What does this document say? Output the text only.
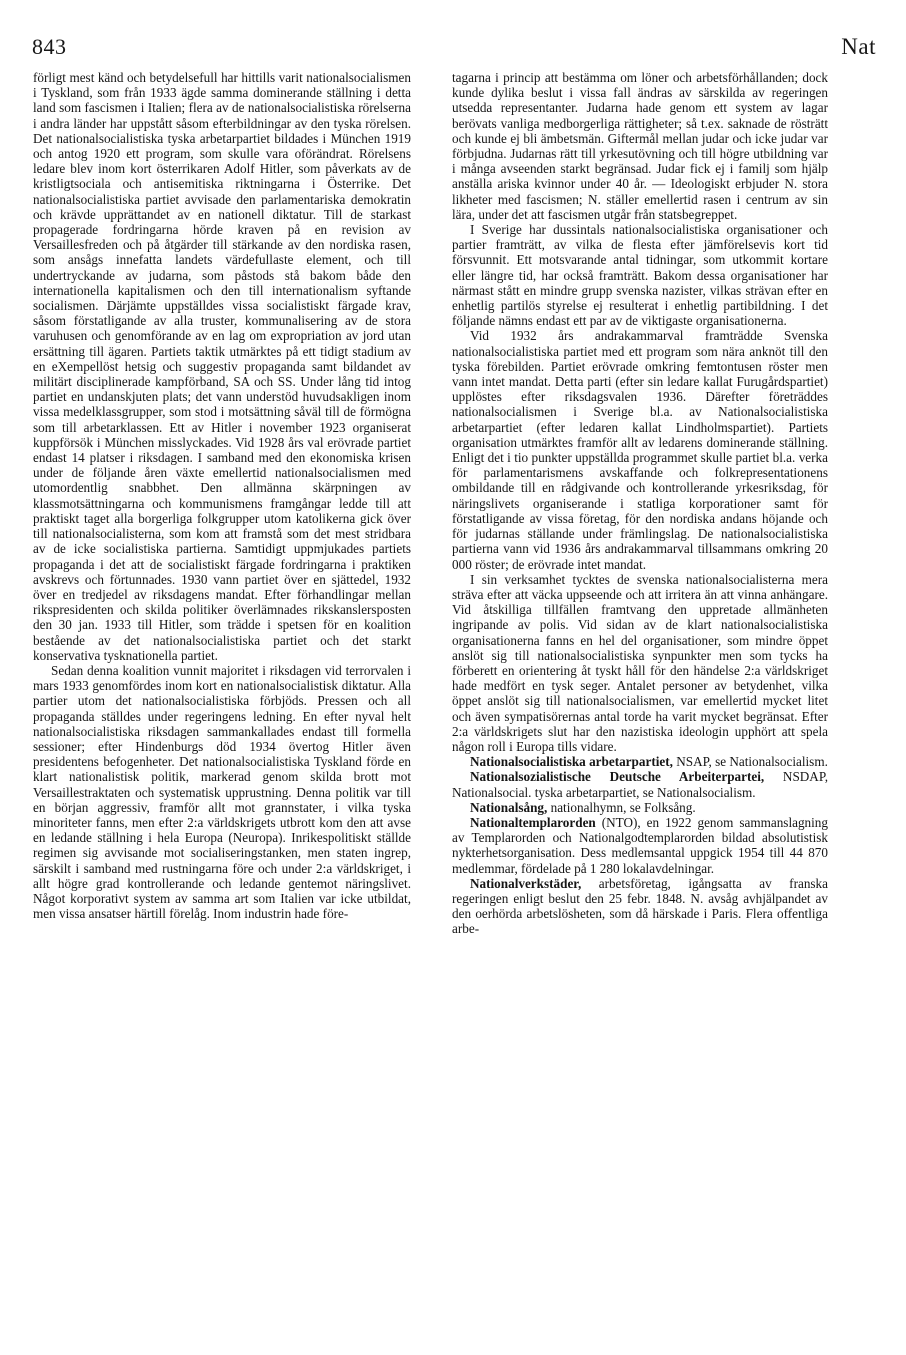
843	Nat

förligt mest känd och betydelsefull har hittills varit nationalsocialismen i Tyskland, som från 1933 ägde samma dominerande ställning i detta land som fascismen i Italien; flera av de nationalsocialistiska rörelserna i andra länder har uppstått såsom efterbildningar av den tyska rörelsen. Det nationalsocialistiska tyska arbetarpartiet bildades i München 1919 och antog 1920 ett program, som skulle vara oförändrat. Rörelsens ledare blev inom kort österrikaren Adolf Hitler, som påverkats av de kristligtsociala och antisemitiska riktningarna i Österrike. Det nationalsocialistiska partiet avvisade den parlamentariska demokratin och krävde upprättandet av en nationell diktatur. Till de starkast propagerade fordringarna hörde kraven på en revision av Versaillesfreden och på åtgärder till stärkande av den nordiska rasen, som ansågs innefatta landets värdefullaste element, och till undertryckande av judarna, som påstods stå bakom både den internationella kapitalismen och den till internationalism syftande socialismen. Därjämte uppställdes vissa socialistiskt färgade krav, såsom förstatligande av alla truster, kommunalisering av de stora varuhusen och genomförande av en lag om expropriation av jord utan ersättning till ägaren. Partiets taktik utmärktes på ett tidigt stadium av en eXempellöst hetsig och suggestiv propaganda samt bildandet av militärt disciplinerade kampförband, SA och SS. Under lång tid intog partiet en undanskjuten plats; det vann understöd huvudsakligen inom vissa medelklassgrupper, som stod i motsättning såväl till de förmögna som till arbetarklassen. Ett av Hitler i november 1923 organiserat kuppförsök i München misslyckades. Vid 1928 års val erövrade partiet endast 14 platser i riksdagen. I samband med den ekonomiska krisen under de följande åren växte emellertid nationalsocialismen med utomordentlig snabbhet. Den allmänna skärpningen av klassmotsättningarna och kommunismens framgångar ledde till att praktiskt taget alla borgerliga folkgrupper utom katolikerna gick över till nationalsocialisterna, som kom att framstå som det mest stridbara av de icke socialistiska partierna. Samtidigt uppmjukades partiets propaganda i det att de socialistiskt färgade fordringarna i praktiken avskrevs och förtunnades. 1930 vann partiet över en sjättedel, 1932 över en tredjedel av riksdagens mandat. Efter förhandlingar mellan rikspresidenten och skilda politiker överlämnades rikskanslersposten den 30 jan. 1933 till Hitler, som trädde i spetsen för en koalition bestående av det nationalsocialistiska partiet och det starkt konservativa tysknationella partiet.

Sedan denna koalition vunnit majoritet i riksdagen vid terrorvalen i mars 1933 genomfördes inom kort en nationalsocialistisk diktatur. Alla partier utom det nationalsocialistiska förbjöds. Pressen och all propaganda ställdes under regeringens ledning. En efter nyval helt nationalsocialistiska riksdagen sammankallades endast till formella sessioner; efter Hindenburgs död 1934 övertog Hitler även presidentens befogenheter. Det nationalsocialistiska Tyskland förde en klart nationalistisk politik, markerad genom skilda brott mot Versaillestraktaten och systematisk upprustning. Denna politik var till en början aggressiv, framför allt mot grannstater, i vilka tyska minoriteter fanns, men efter 2:a världskrigets utbrott kom den att avse en ledande ställning i hela Europa (Neuropa). Inrikespolitiskt ställde regimen sig avvisande mot socialiseringstanken, men staten ingrep, särskilt i samband med rustningarna före och under 2:a världskriget, i allt högre grad kontrollerande och ledande gentemot näringslivet. Något korporativt system av samma art som Italien var icke utbildat, men vissa ansatser härtill förelåg. Inom industrin hade före-

tagarna i princip att bestämma om löner och arbetsförhållanden; dock kunde dylika beslut i vissa fall ändras av särskilda av regeringen utsedda representanter. Judarna hade genom ett system av lagar berövats vanliga medborgerliga rättigheter; så t.ex. saknade de rösträtt och kunde ej bli ämbetsmän. Giftermål mellan judar och icke judar var förbjudna. Judarnas rätt till yrkesutövning och till högre utbildning var i många avseenden starkt begränsad. Judar fick ej i familj som hjälp anställa ariska kvinnor under 40 år. — Ideologiskt erbjuder N. stora likheter med fascismen; N. ställer emellertid rasen i centrum av sin lära, under det att fascismen utgår från statsbegreppet.

I Sverige har dussintals nationalsocialistiska organisationer och partier framträtt, av vilka de flesta efter jämförelsevis kort tid försvunnit. Ett motsvarande antal tidningar, som utkommit kortare eller längre tid, har också framträtt. Bakom dessa organisationer har närmast stått en mindre grupp svenska nazister, vilkas strävan efter en enhetlig partilös styrelse ej resulterat i enhetlig partibildning. I det följande nämns endast ett par av de viktigaste organisationerna.

Vid 1932 års andrakammarval framträdde Svenska nationalsocialistiska partiet med ett program som nära anknöt till den tyska förebilden. Partiet erövrade omkring femtontusen röster men vann intet mandat. Detta parti (efter sin ledare kallat Furugårdspartiet) upplöstes efter riksdagsvalen 1936. Därefter företräddes nationalsocialismen i Sverige bl.a. av Nationalsocialistiska arbetarpartiet (efter ledaren kallat Lindholmspartiet). Partiets organisation utmärktes framför allt av ledarens dominerande ställning. Enligt det i tio punkter uppställda programmet skulle partiet bl.a. verka för parlamentarismens avskaffande och folkrepresentationens ombildande till en rådgivande och kontrollerande yrkesriksdag, för näringslivets organiserande i statliga korporationer samt för förstatligande av vissa företag, för den nordiska andans höjande och för judarnas ställande under främlingslag. De nationalsocialistiska partierna vann vid 1936 års andrakammarval tillsammans omkring 20 000 röster; de erövrade intet mandat.

I sin verksamhet tycktes de svenska nationalsocialisterna mera sträva efter att väcka uppseende och att irritera än att vinna anhängare. Vid åtskilliga tillfällen framtvang den uppretade allmänheten ingripande av polis. Vid sidan av de klart nationalsocialistiska organisationerna fanns en hel del organisationer, som mindre öppet anslöt sig till nationalsocialistiska synpunkter men som tycks ha förberett en orientering åt tyskt håll för den händelse 2:a världskriget hade medfört en tysk seger. Antalet personer av betydenhet, vilka öppet anslöt sig till nationalsocialismen, var emellertid mycket litet och även sympatisörernas antal torde ha varit mycket begränsat. Efter 2:a världskrigets slut har den nazistiska ideologin upphört att spela någon roll i Europa tills vidare.

Nationalsocialistiska arbetarpartiet, NSAP, se Nationalsocialism.

Nationalsozialistische Deutsche Arbeiterpartei, NSDAP, Nationalsocial. tyska arbetarpartiet, se Nationalsocialism.

Nationalsång, nationalhymn, se Folksång.

Nationaltemplarorden (NTO), en 1922 genom sammanslagning av Templarorden och Nationalgodtemplarorden bildad absolutistisk nykterhetsorganisation. Dess medlemsantal uppgick 1954 till 44 870 medlemmar, fördelade på 1 280 lokalavdelningar.

Nationalverkstäder, arbetsföretag, igångsatta av franska regeringen enligt beslut den 25 febr. 1848. N. avsåg avhjälpandet av den oerhörda arbetslösheten, som då härskade i Paris. Flera offentliga arbe-
